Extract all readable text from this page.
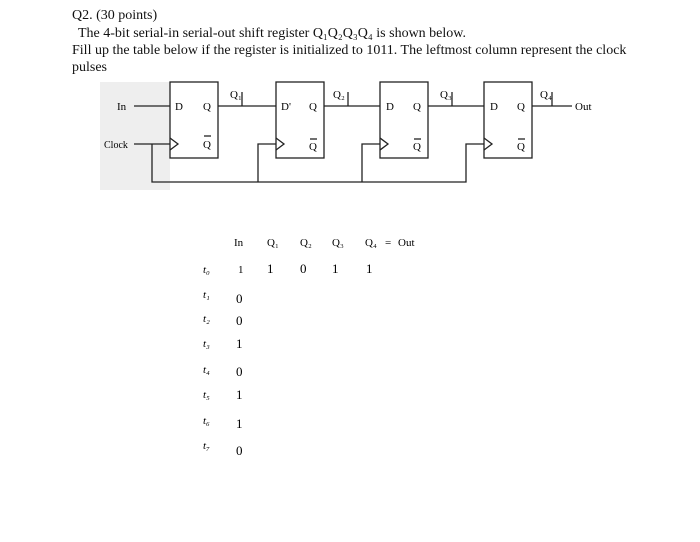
Q2. (30 points)
The 4-bit serial-in serial-out shift register Q₁Q₂Q₃Q₄ is shown below.
Fill up the table below if the register is initialized to 1011. The leftmost column represent the clock
pulses
In
Clock
Out
D Q
Q
Q₁
D' Q
Q
Q₂
D Q
Q
Q₃
D Q
Q
Q₄
In Q₁ Q₂ Q₃ Q₄ = Out
t₀
t₁
t₂
t₃
t₄
t₅
t₆
t₇
1
0
0
1
0
1
1
0
1 0 1 1
